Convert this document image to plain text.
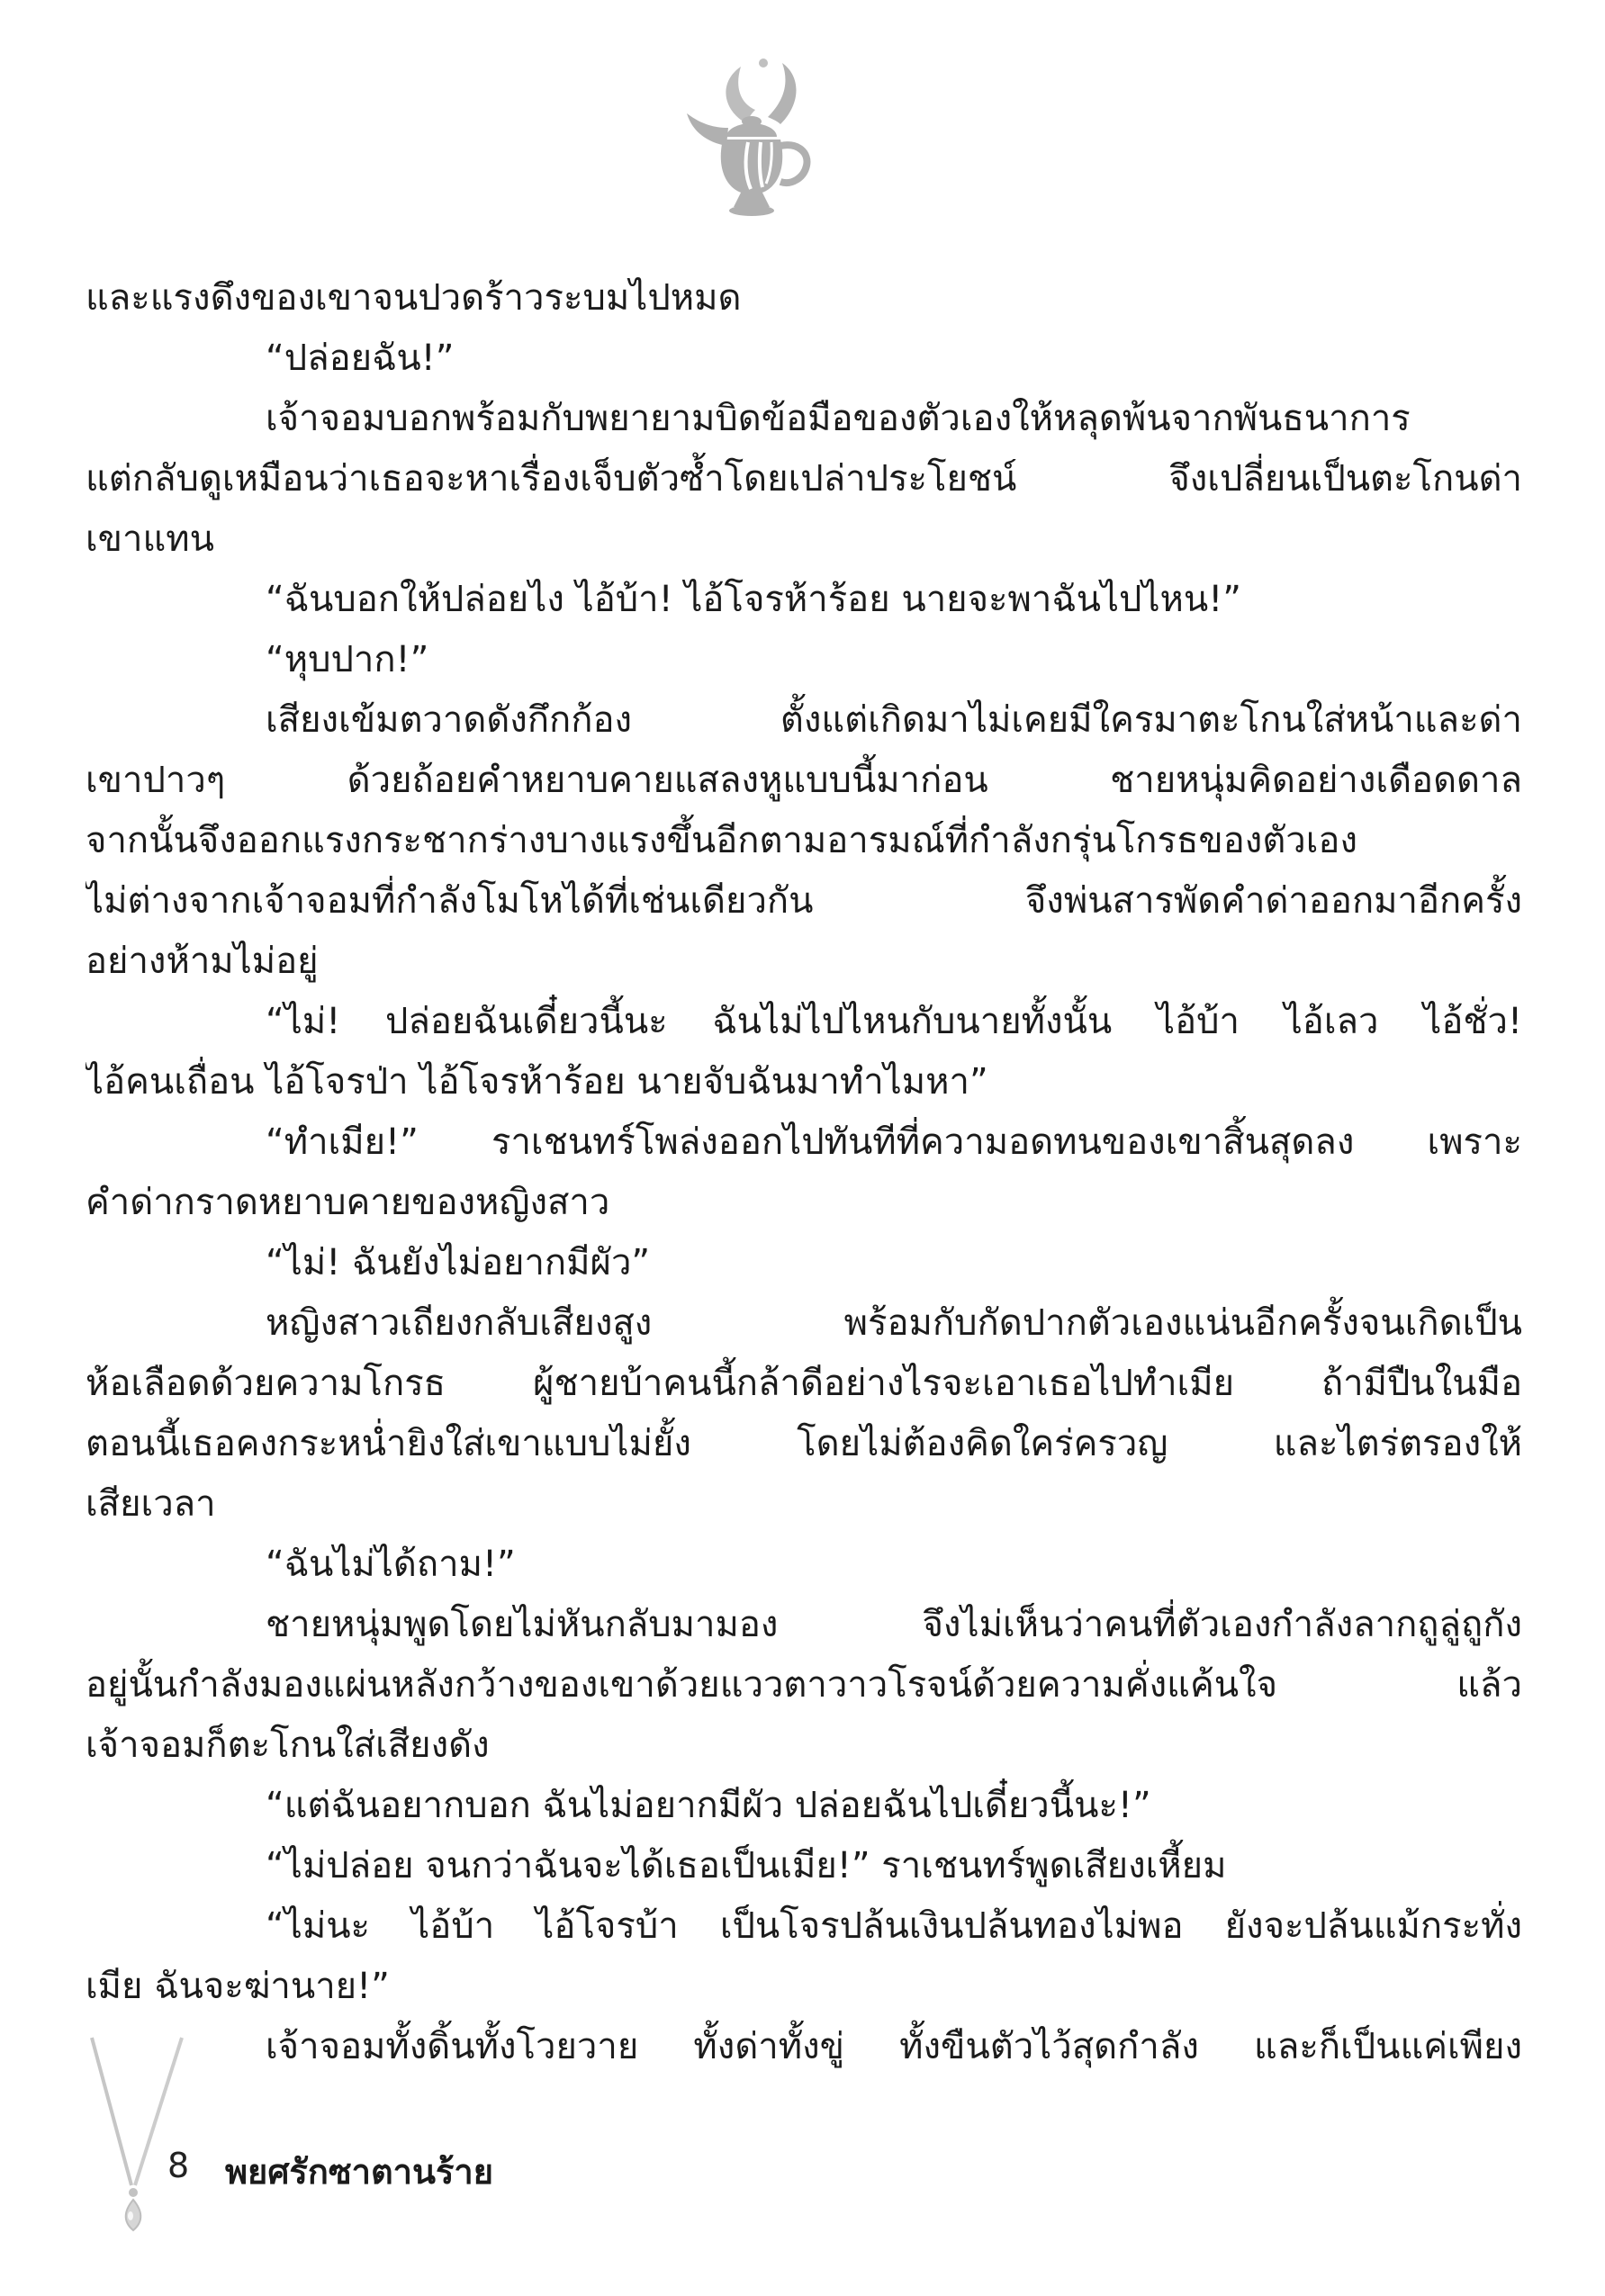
และแรงดึงของเขาจนปวดร้าวระบมไปหมด
“ปล่อยฉัน!”
เจ้าจอมบอกพร้อมกับพยายามบิดข้อมือของตัวเองให้หลุดพ้นจากพันธนาการ
แต่กลับดูเหมือนว่าเธอจะหาเรื่องเจ็บตัวซ้ำโดยเปล่าประโยชน์ จึงเปลี่ยนเป็นตะโกนด่า
เขาแทน
“ฉันบอกให้ปล่อยไง ไอ้บ้า! ไอ้โจรห้าร้อย นายจะพาฉันไปไหน!”
“หุบปาก!”
เสียงเข้มตวาดดังกึกก้อง ตั้งแต่เกิดมาไม่เคยมีใครมาตะโกนใส่หน้าและด่า
เขาปาวๆ ด้วยถ้อยคำหยาบคายแสลงหูแบบนี้มาก่อน ชายหนุ่มคิดอย่างเดือดดาล
จากนั้นจึงออกแรงกระชากร่างบางแรงขึ้นอีกตามอารมณ์ที่กำลังกรุ่นโกรธของตัวเอง
ไม่ต่างจากเจ้าจอมที่กำลังโมโหได้ที่เช่นเดียวกัน จึงพ่นสารพัดคำด่าออกมาอีกครั้ง
อย่างห้ามไม่อยู่
“ไม่! ปล่อยฉันเดี๋ยวนี้นะ ฉันไม่ไปไหนกับนายทั้งนั้น ไอ้บ้า ไอ้เลว ไอ้ชั่ว!
ไอ้คนเถื่อน ไอ้โจรป่า ไอ้โจรห้าร้อย นายจับฉันมาทำไมหา”
“ทำเมีย!” ราเชนทร์โพล่งออกไปทันทีที่ความอดทนของเขาสิ้นสุดลง เพราะ
คำด่ากราดหยาบคายของหญิงสาว
“ไม่! ฉันยังไม่อยากมีผัว”
หญิงสาวเถียงกลับเสียงสูง พร้อมกับกัดปากตัวเองแน่นอีกครั้งจนเกิดเป็น
ห้อเลือดด้วยความโกรธ ผู้ชายบ้าคนนี้กล้าดีอย่างไรจะเอาเธอไปทำเมีย ถ้ามีปืนในมือ
ตอนนี้เธอคงกระหน่ำยิงใส่เขาแบบไม่ยั้ง โดยไม่ต้องคิดใคร่ครวญ และไตร่ตรองให้
เสียเวลา
“ฉันไม่ได้ถาม!”
ชายหนุ่มพูดโดยไม่หันกลับมามอง จึงไม่เห็นว่าคนที่ตัวเองกำลังลากถูลู่ถูกัง
อยู่นั้นกำลังมองแผ่นหลังกว้างของเขาด้วยแววตาวาวโรจน์ด้วยความคั่งแค้นใจ แล้ว
เจ้าจอมก็ตะโกนใส่เสียงดัง
“แต่ฉันอยากบอก ฉันไม่อยากมีผัว ปล่อยฉันไปเดี๋ยวนี้นะ!”
“ไม่ปล่อย จนกว่าฉันจะได้เธอเป็นเมีย!” ราเชนทร์พูดเสียงเหี้ยม
“ไม่นะ ไอ้บ้า ไอ้โจรบ้า เป็นโจรปล้นเงินปล้นทองไม่พอ ยังจะปล้นแม้กระทั่ง
เมีย ฉันจะฆ่านาย!”
เจ้าจอมทั้งดิ้นทั้งโวยวาย ทั้งด่าทั้งขู่ ทั้งขืนตัวไว้สุดกำลัง และก็เป็นแค่เพียง
8 พยศรักซาตานร้าย
